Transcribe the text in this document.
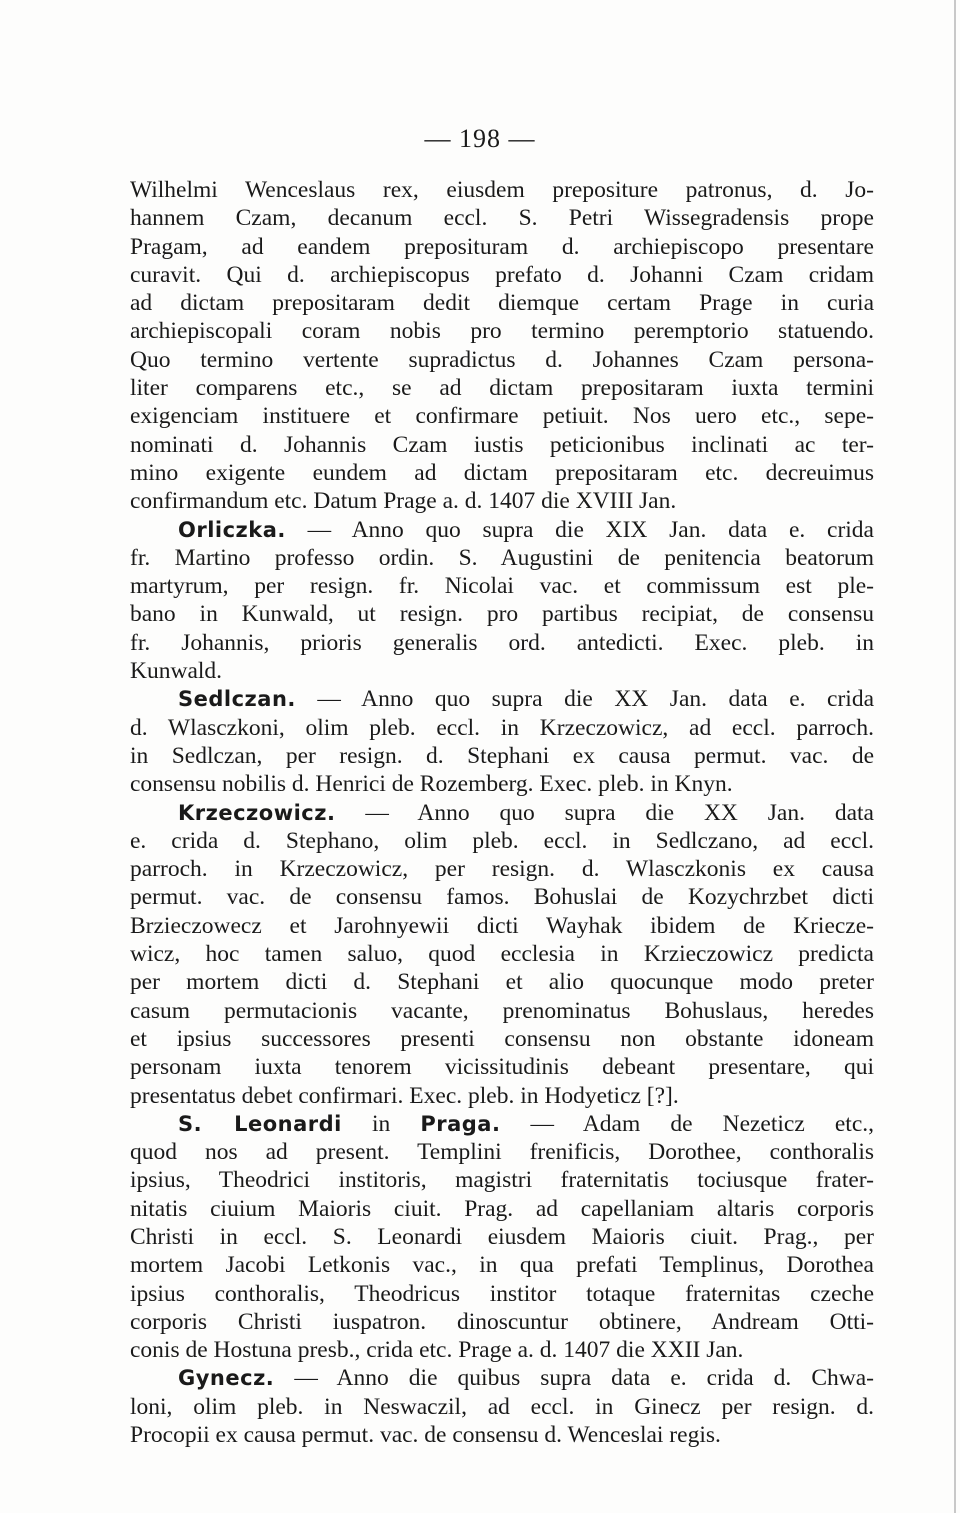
— 198 —
Wilhelmi Wenceslaus rex, eiusdem prepositure patronus, d. Jo-
hannem Czam, decanum eccl. S. Petri Wissegradensis prope
Pragam, ad eandem preposituram d. archiepiscopo presentare
curavit. Qui d. archiepiscopus prefato d. Johanni Czam cridam
ad dictam prepositaram dedit diemque certam Prage in curia
archiepiscopali coram nobis pro termino peremptorio statuendo.
Quo termino vertente supradictus d. Johannes Czam persona-
liter comparens etc., se ad dictam prepositaram iuxta termini
exigenciam instituere et confirmare petiuit. Nos uero etc., sepe-
nominati d. Johannis Czam iustis peticionibus inclinati ac ter-
mino exigente eundem ad dictam prepositaram etc. decreuimus
confirmandum etc. Datum Prage a. d. 1407 die XVIII Jan.
Orliczka. — Anno quo supra die XIX Jan. data e. crida
fr. Martino professo ordin. S. Augustini de penitencia beatorum
martyrum, per resign. fr. Nicolai vac. et commissum est ple-
bano in Kunwald, ut resign. pro partibus recipiat, de consensu
fr. Johannis, prioris generalis ord. antedicti. Exec. pleb. in
Kunwald.
Sedlczan. — Anno quo supra die XX Jan. data e. crida
d. Wlasczkoni, olim pleb. eccl. in Krzeczowicz, ad eccl. parroch.
in Sedlczan, per resign. d. Stephani ex causa permut. vac. de
consensu nobilis d. Henrici de Rozemberg. Exec. pleb. in Knyn.
Krzeczowicz. — Anno quo supra die XX Jan. data
e. crida d. Stephano, olim pleb. eccl. in Sedlczano, ad eccl.
parroch. in Krzeczowicz, per resign. d. Wlasczkonis ex causa
permut. vac. de consensu famos. Bohuslai de Kozychrzbet dicti
Brzieczowecz et Jarohnyewii dicti Wayhak ibidem de Kriecze-
wicz, hoc tamen saluo, quod ecclesia in Krzieczowicz predicta
per mortem dicti d. Stephani et alio quocunque modo preter
casum permutacionis vacante, prenominatus Bohuslaus, heredes
et ipsius successores presenti consensu non obstante idoneam
personam iuxta tenorem vicissitudinis debeant presentare, qui
presentatus debet confirmari. Exec. pleb. in Hodyeticz [?].
S. Leonardi in Praga. — Adam de Nezeticz etc.,
quod nos ad present. Templini frenificis, Dorothee, conthoralis
ipsius, Theodrici institoris, magistri fraternitatis tociusque frater-
nitatis ciuium Maioris ciuit. Prag. ad capellaniam altaris corporis
Christi in eccl. S. Leonardi eiusdem Maioris ciuit. Prag., per
mortem Jacobi Letkonis vac., in qua prefati Templinus, Dorothea
ipsius conthoralis, Theodricus institor totaque fraternitas czeche
corporis Christi iuspatron. dinoscuntur obtinere, Andream Otti-
conis de Hostuna presb., crida etc. Prage a. d. 1407 die XXII Jan.
Gynecz. — Anno die quibus supra data e. crida d. Chwa-
loni, olim pleb. in Neswaczil, ad eccl. in Ginecz per resign. d.
Procopii ex causa permut. vac. de consensu d. Wenceslai regis.
